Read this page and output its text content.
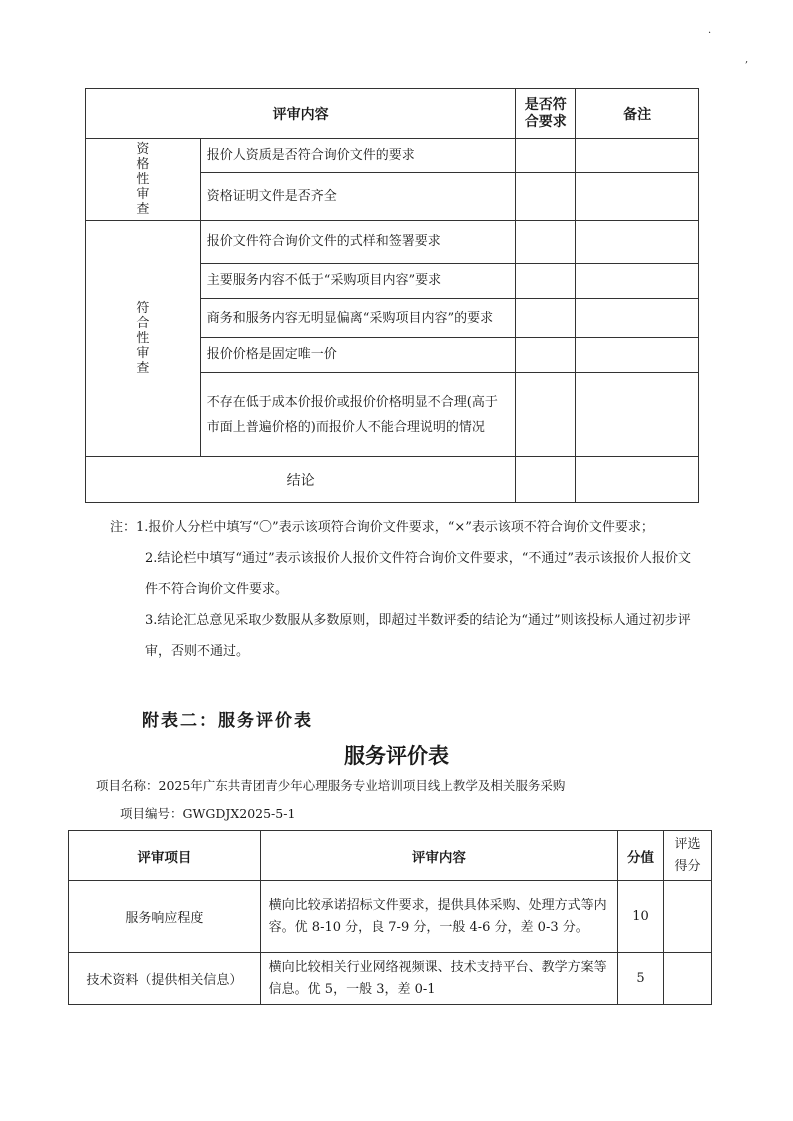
·
,
评审内容		是否符合要求	备注

资格性审查	报价人资质是否符合询价文件的要求		
	资格证明文件是否齐全		

符合性审查	报价文件符合询价文件的式样和签署要求		
	主要服务内容不低于“采购项目内容”要求		
	商务和服务内容无明显偏离“采购项目内容”的要求		
	报价价格是固定唯一价		
	不存在低于成本价报价或报价价格明显不合理(高于市面上普遍价格的)而报价人不能合理说明的情况		
结论			

注：1.报价人分栏中填写“〇”表示该项符合询价文件要求，“×”表示该项不符合询价文件要求；

2.结论栏中填写“通过”表示该报价人报价文件符合询价文件要求，“不通过”表示该报价人报价文件不符合询价文件要求。

3.结论汇总意见采取少数服从多数原则，即超过半数评委的结论为“通过”则该投标人通过初步评审，否则不通过。

附表二：服务评价表
服务评价表
项目名称：2025年广东共青团青少年心理服务专业培训项目线上教学及相关服务采购
项目编号：GWGDJX2025-5-1
评审项目	评审内容	分值	评选得分

服务响应程度	横向比较承诺招标文件要求，提供具体采购、处理方式等内容。优 8-10 分，良 7-9 分，一般 4-6 分，差 0-3 分。	10	
技术资料（提供相关信息）	横向比较相关行业网络视频课、技术支持平台、教学方案等信息。优 5，一般 3，差 0-1	5	
